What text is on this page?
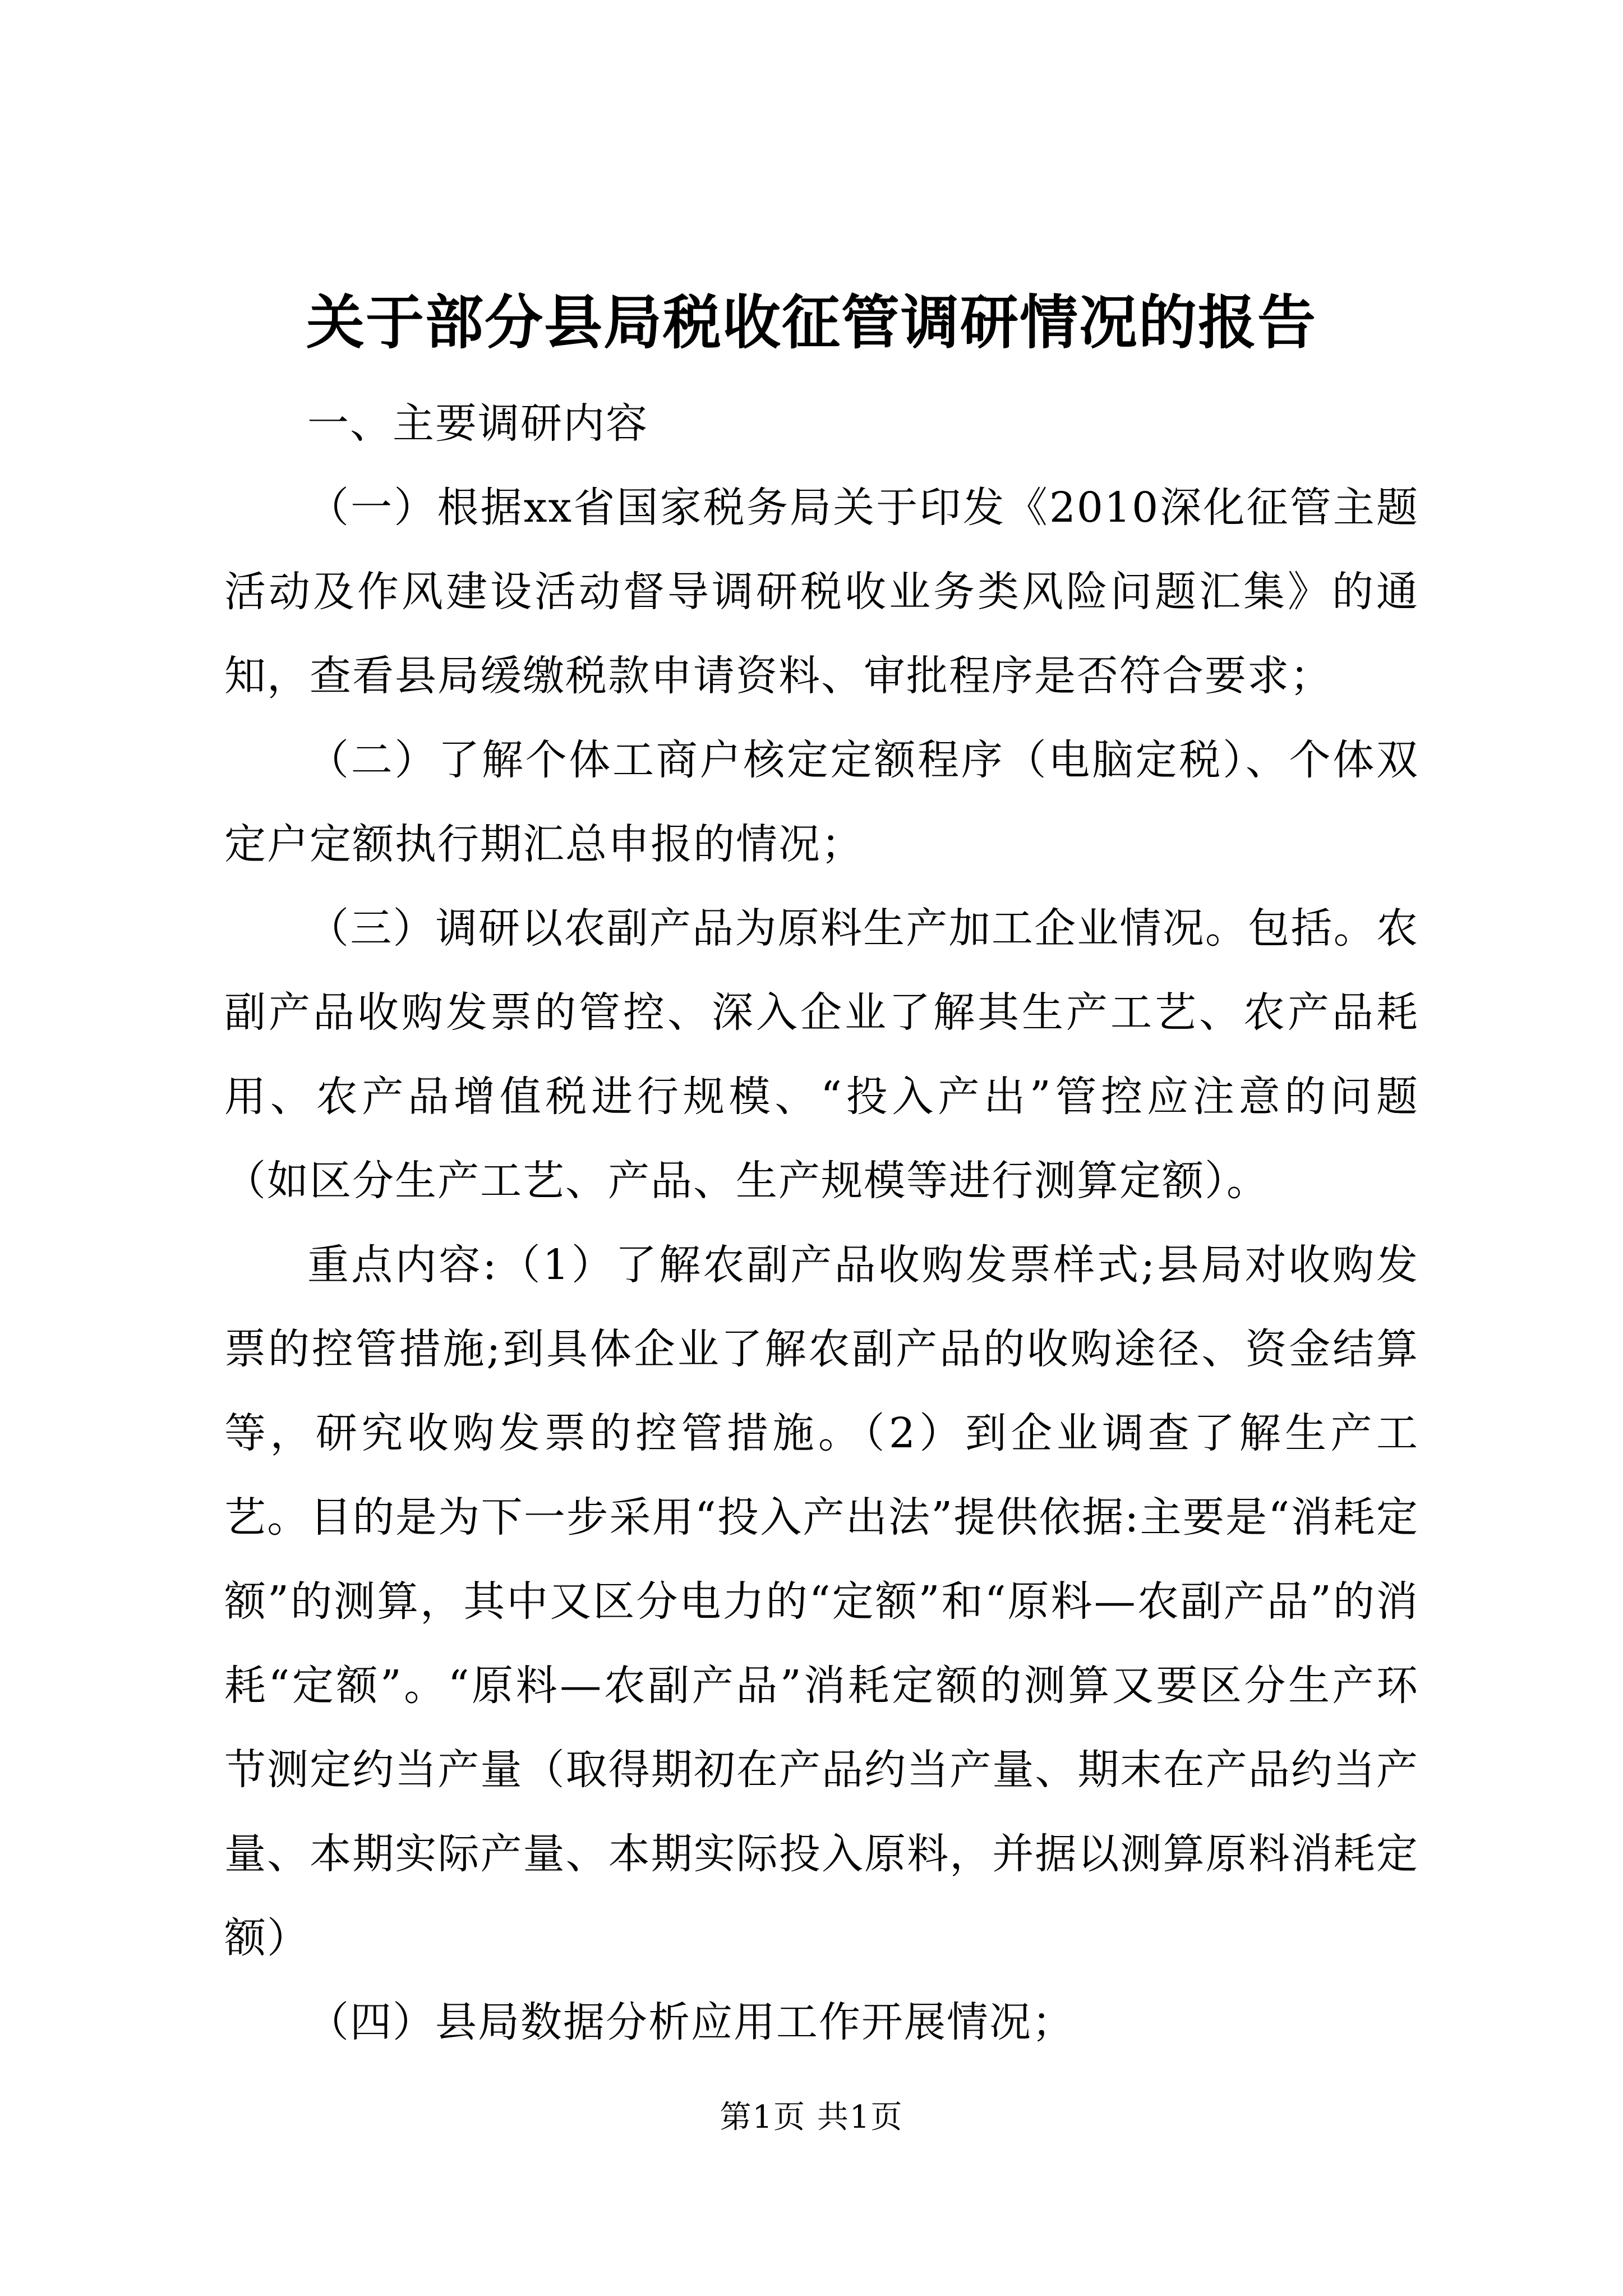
关于部分县局税收征管调研情况的报告

一、主要调研内容

（一）根据xx省国家税务局关于印发《2010深化征管主题活动及作风建设活动督导调研税收业务类风险问题汇集》的通知，查看县局缓缴税款申请资料、审批程序是否符合要求；

（二）了解个体工商户核定定额程序（电脑定税）、个体双定户定额执行期汇总申报的情况；

（三）调研以农副产品为原料生产加工企业情况。包括。农副产品收购发票的管控、深入企业了解其生产工艺、农产品耗用、农产品增值税进行规模、“投入产出”管控应注意的问题（如区分生产工艺、产品、生产规模等进行测算定额）。

重点内容:（1）了解农副产品收购发票样式;县局对收购发票的控管措施;到具体企业了解农副产品的收购途径、资金结算等，研究收购发票的控管措施。（2）到企业调查了解生产工艺。目的是为下一步采用“投入产出法”提供依据:主要是“消耗定额”的测算，其中又区分电力的“定额”和“原料—农副产品”的消耗“定额”。“原料—农副产品”消耗定额的测算又要区分生产环节测定约当产量（取得期初在产品约当产量、期末在产品约当产量、本期实际产量、本期实际投入原料，并据以测算原料消耗定额）

（四）县局数据分析应用工作开展情况；

第1页 共1页
